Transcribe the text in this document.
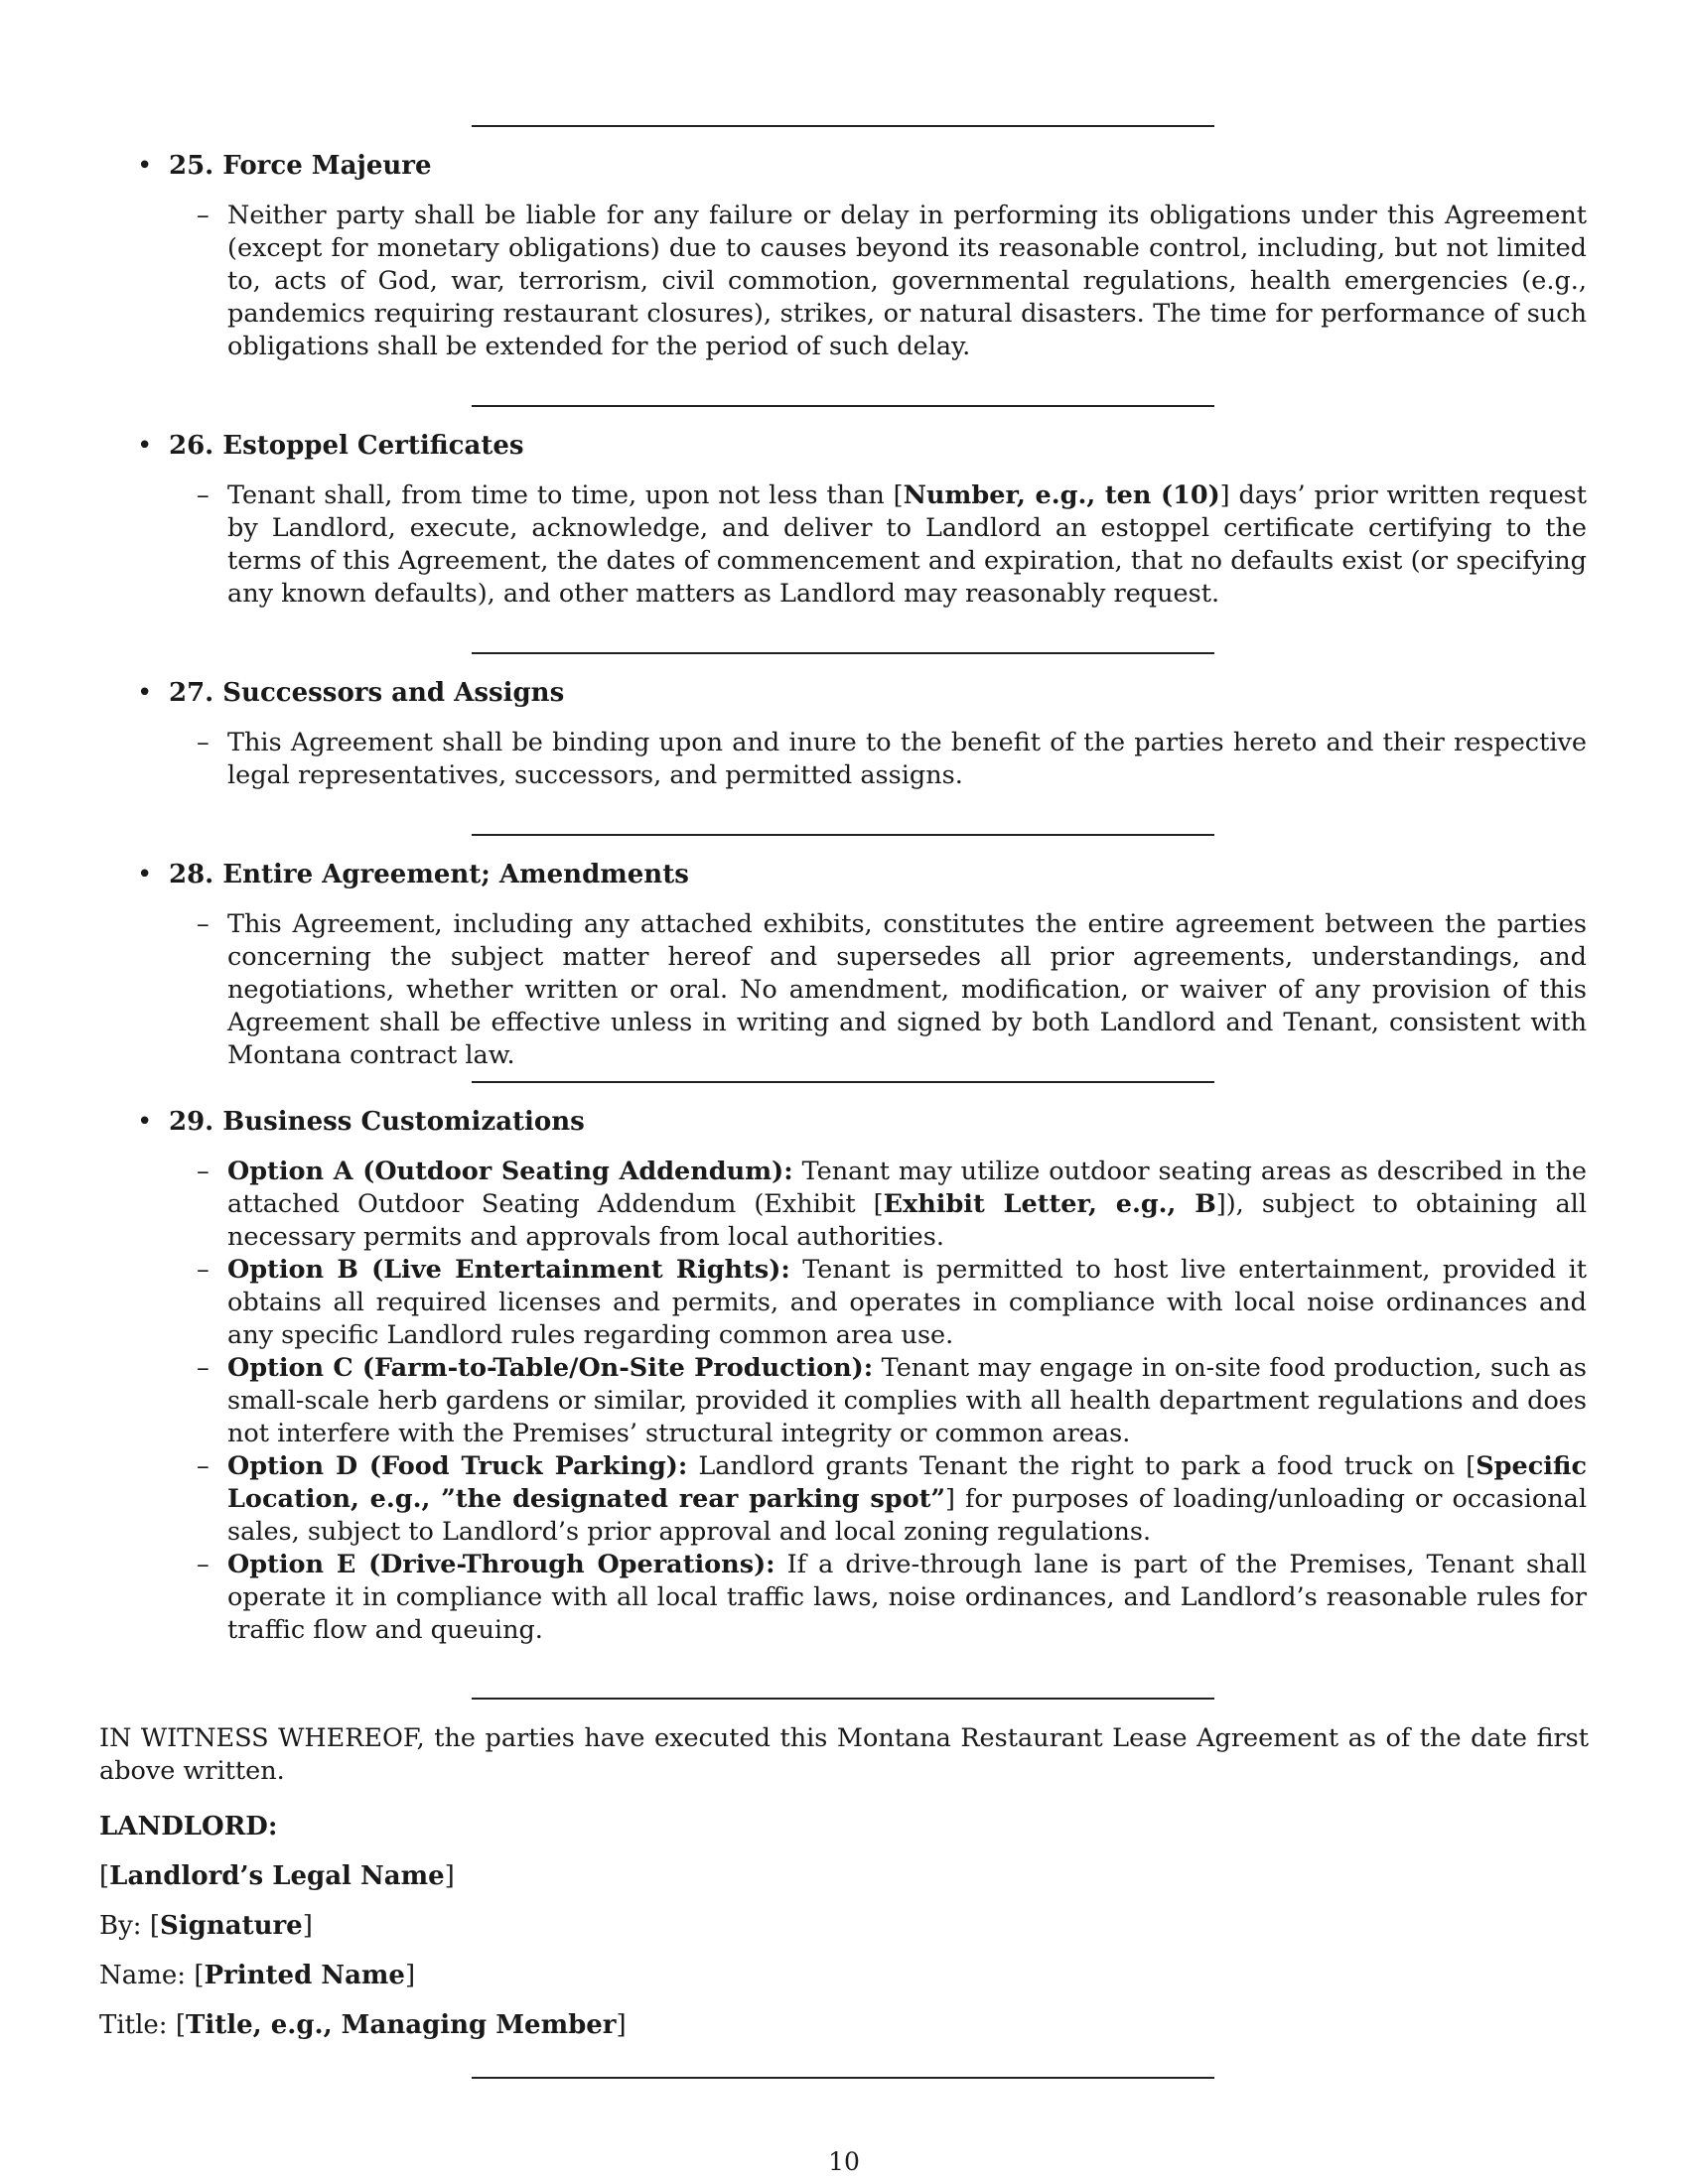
• 25. Force Majeure
– Neither party shall be liable for any failure or delay in performing its obligations under this Agreement (except for monetary obligations) due to causes beyond its reasonable control, including, but not limited to, acts of God, war, terrorism, civil commotion, governmental regulations, health emergencies (e.g., pandemics requiring restaurant closures), strikes, or natural disasters. The time for performance of such obligations shall be extended for the period of such delay.
• 26. Estoppel Certificates
– Tenant shall, from time to time, upon not less than [Number, e.g., ten (10)] days’ prior written request by Landlord, execute, acknowledge, and deliver to Landlord an estoppel certificate certifying to the terms of this Agreement, the dates of commencement and expiration, that no defaults exist (or specifying any known defaults), and other matters as Landlord may reasonably request.
• 27. Successors and Assigns
– This Agreement shall be binding upon and inure to the benefit of the parties hereto and their respective legal representatives, successors, and permitted assigns.
• 28. Entire Agreement; Amendments
– This Agreement, including any attached exhibits, constitutes the entire agreement between the parties concerning the subject matter hereof and supersedes all prior agreements, understandings, and negotiations, whether written or oral. No amendment, modification, or waiver of any provision of this Agreement shall be effective unless in writing and signed by both Landlord and Tenant, consistent with Montana contract law.
• 29. Business Customizations
– Option A (Outdoor Seating Addendum): Tenant may utilize outdoor seating areas as described in the attached Outdoor Seating Addendum (Exhibit [Exhibit Letter, e.g., B]), subject to obtaining all necessary permits and approvals from local authorities.
– Option B (Live Entertainment Rights): Tenant is permitted to host live entertainment, provided it obtains all required licenses and permits, and operates in compliance with local noise ordinances and any specific Landlord rules regarding common area use.
– Option C (Farm-to-Table/On-Site Production): Tenant may engage in on-site food production, such as small-scale herb gardens or similar, provided it complies with all health department regulations and does not interfere with the Premises’ structural integrity or common areas.
– Option D (Food Truck Parking): Landlord grants Tenant the right to park a food truck on [Specific Location, e.g., ”the designated rear parking spot”] for purposes of loading/unloading or occasional sales, subject to Landlord’s prior approval and local zoning regulations.
– Option E (Drive-Through Operations): If a drive-through lane is part of the Premises, Tenant shall operate it in compliance with all local traffic laws, noise ordinances, and Landlord’s reasonable rules for traffic flow and queuing.
IN WITNESS WHEREOF, the parties have executed this Montana Restaurant Lease Agreement as of the date first above written.
LANDLORD:
[Landlord’s Legal Name]
By: [Signature]
Name: [Printed Name]
Title: [Title, e.g., Managing Member]
10
